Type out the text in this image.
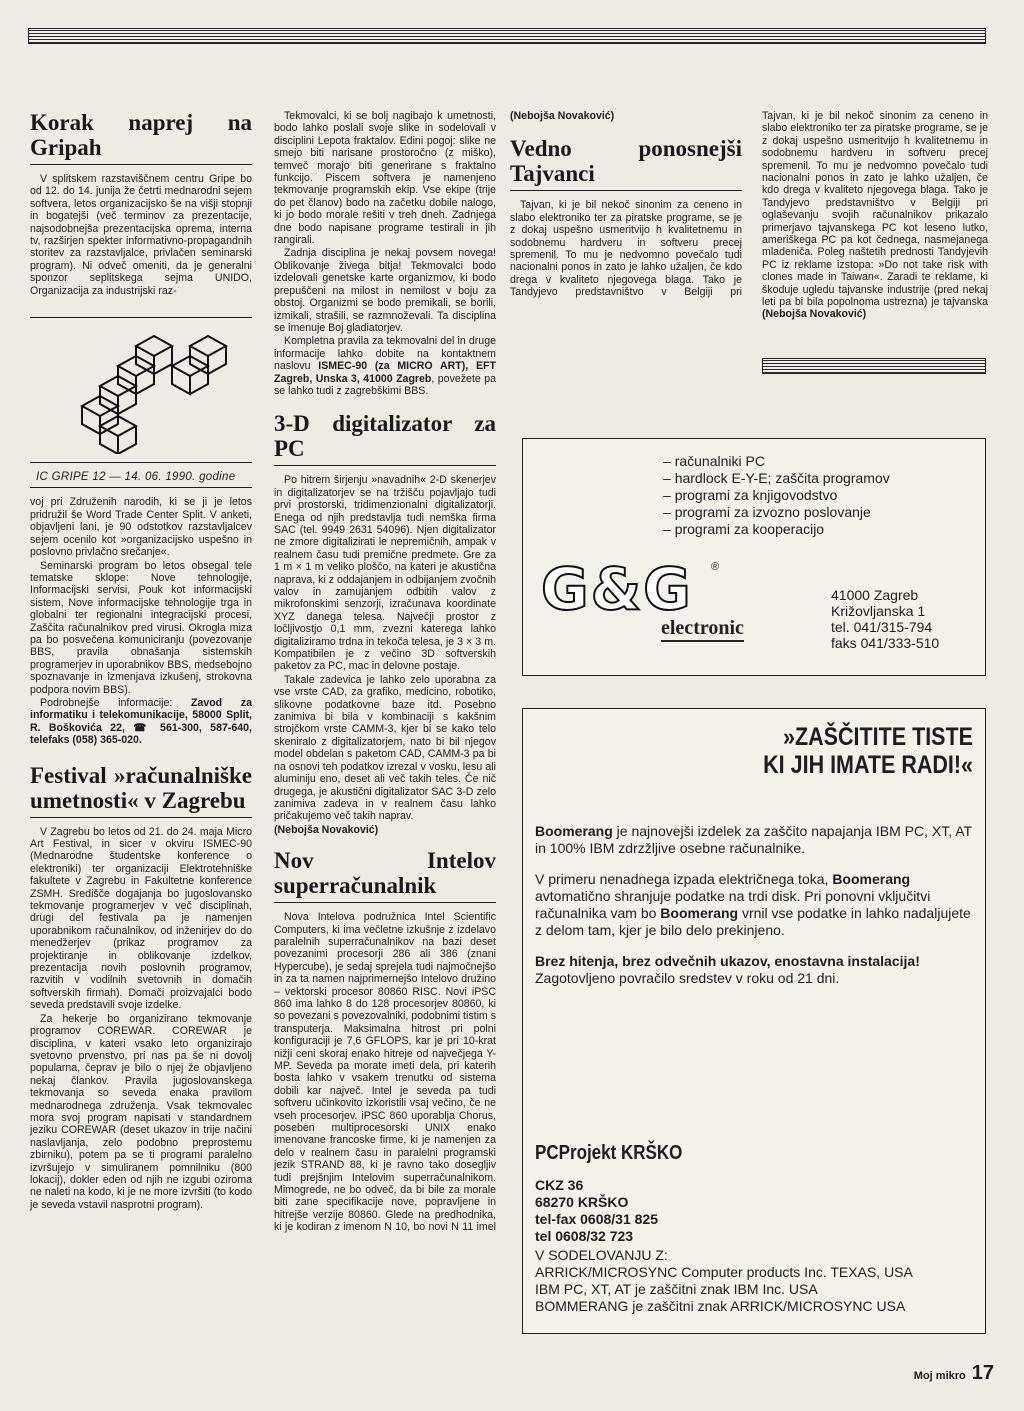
Korak naprej na Gripah

V splitskem razstaviščnem centru Gripe bo od 12. do 14. junija že četrti mednarodni sejem softvera, letos organizacijsko še na višji stopnji in bogatejši (več terminov za prezentacije, najsodobnejša prezentacijska oprema, interna tv, razširjen spekter informativno-propagandnih storitev za razstavljalce, privlačen seminarski program). Ni odveč omeniti, da je generalni sponzor seplitskega sejma UNIDO, Organizacija za industrijski raz-

IC GRIPE 12 — 14. 06. 1990. godine

voj pri Združenih narodih, ki se ji je letos pridružil še Word Trade Center Split. V anketi, objavljeni lani, je 90 odstotkov razstavljalcev sejem ocenilo kot »organizacijsko uspešno in poslovno privlačno srečanje«.

Seminarski program bo letos obsegal tele tematske sklope: Nove tehnologije, Informacijski servisi, Pouk kot informacijski sistem, Nove informacijske tehnologije trga in globalni ter regionalni integracijski procesi, Zaščita računalnikov pred virusi. Okrogla miza pa bo posvečena komuniciranju (povezovanje BBS, pravila obnašanja sistemskih programerjev in uporabnikov BBS, medsebojno spoznavanje in izmenjava izkušenj, strokovna podpora novim BBS).

Podrobnejše informacije: Zavod za informatiku i telekomunikacije, 58000 Split, R. Boškovića 22, ☎ 561-300, 587-640, telefaks (058) 365-020.

Festival »računalniške umetnosti« v Zagrebu

V Zagrebu bo letos od 21. do 24. maja Micro Art Festival, in sicer v okviru ISMEC-90 (Mednarodne študentske konference o elektroniki) ter organizaciji Elektrotehniške fakultete v Zagrebu in Fakultetne konference ZSMH. Središče dogajanja bo jugoslovansko tekmovanje programerjev v več disciplinah, drugi del festivala pa je namenjen uporabnikom računalnikov, od inženirjev do do menedžerjev (prikaz programov za projektiranje in oblikovanje izdelkov, prezentacija novih poslovnih programov, razvitih v vodilnih svetovnih in domačih softverskih firmah). Domači proizvajalci bodo seveda predstavili svoje izdelke.

Za hekerje bo organizirano tekmovanje programov COREWAR. COREWAR je disciplina, v kateri vsako leto organizirajo svetovno prvenstvo, pri nas pa še ni dovolj popularna, čeprav je bilo o njej že objavljeno nekaj člankov. Pravila jugoslovanskega tekmovanja so seveda enaka pravilom mednarodnega združenja. Vsak tekmovalec mora svoj program napisati v standardnem jeziku COREWAR (deset ukazov in trije načini naslavljanja, zelo podobno preprostemu zbirniku), potem pa se ti programi paralelno izvršujejo v simuliranem pomnilniku (800 lokacij), dokler eden od njih ne izgubi oziroma ne naleti na kodo, ki je ne more izvršiti (to kodo je seveda vstavil nasprotni program).

Tekmovalci, ki se bolj nagibajo k umetnosti, bodo lahko poslali svoje slike in sodelovali v disciplini Lepota fraktalov. Edini pogoj: slike ne smejo biti narisane prostoročno (z miško), temveč morajo biti generirane s fraktalno funkcijo. Piscem softvera je namenjeno tekmovanje programskih ekip. Vse ekipe (trije do pet članov) bodo na začetku dobile nalogo, ki jo bodo morale rešiti v treh dneh. Zadnjega dne bodo napisane programe testirali in jih rangirali.

Zadnja disciplina je nekaj povsem novega! Oblikovanje živega bitja! Tekmovalci bodo izdelovali genetske karte organizmov, ki bodo prepuščeni na milost in nemilost v boju za obstoj. Organizmi se bodo premikali, se borili, izmikali, strašili, se razmnoževali. Ta disciplina se imenuje Boj gladiatorjev.

Kompletna pravila za tekmovalni del in druge informacije lahko dobite na kontaktnem naslovu ISMEC-90 (za MICRO ART), EFT Zagreb, Unska 3, 41000 Zagreb, povežete pa se lahko tudi z zagrebškimi BBS.

3-D digitalizator za PC

Po hitrem širjenju »navadnih« 2-D skenerjev in digitalizatorjev se na tržišču pojavljajo tudi prvi prostorski, tridimenzionalni digitalizatorji. Enega od njih predstavlja tudi nemška firma SAC (tel. 9949 2631 54096). Njen digitalizator ne zmore digitalizirati le nepremičnih, ampak v realnem času tudi premične predmete. Gre za 1 m × 1 m veliko ploščo, na kateri je akustična naprava, ki z oddajanjem in odbijanjem zvočnih valov in zamujanjem odbitih valov z mikrofonskimi senzorji, izračunava koordinate XYZ danega telesa. Največji prostor z ločljivostjo 0,1 mm, zvezni katerega lahko digitaliziramo trdna in tekoča telesa, je 3 × 3 m. Kompatibilen je z večino 3D softverskih paketov za PC, mac in delovne postaje.

Takale zadevica je lahko zelo uporabna za vse vrste CAD, za grafiko, medicino, robotiko, slikovne podatkovne baze itd. Posebno zanimiva bi bila v kombinaciji s kakšnim strojčkom vrste CAMM-3, kjer bi se kako telo skeniralo z digitalizatorjem, nato bi bil njegov model obdelan s paketom CAD, CAMM-3 pa bi na osnovi teh podatkov izrezal v vosku, lesu ali aluminiju eno, deset ali več takih teles. Če nič drugega, je akustični digitalizator SAC 3-D zelo zanimiva zadeva in v realnem času lahko pričakujemo več takih naprav.

(Nebojša Novaković)

Nov Intelov superračunalnik

Nova Intelova podružnica Intel Scientific Computers, ki ima večletne izkušnje z izdelavo paralelnih superračunalnikov na bazi deset povezanimi procesorji 286 ali 386 (znani Hypercube), je sedaj spreјela tudi najmočnejšo in za ta namen najprimernejšo Intelovo družino – vektorski procesor 80860 RISC. Novi iPSC 860 ima lahko 8 do 128 procesorjev 80860, ki so povezani s povezovalniki, podobnimi tistim s transputerja. Maksimalna hitrost pri polni konfiguraciji je 7,6 GFLOPS, kar je pri 10-krat nižji ceni skoraj enako hitreje od največjega Y-MP. Seveda pa morate imeti dela, pri katerih bosta lahko v vsakem trenutku od sistema dobili kar največ. Intel je seveda pa tudi softveru učinkovito izkoristili vsaj večino, če ne vseh procesorjev. iPSC 860 uporablja Chorus, poseben multiprocesorski UNIX enako imenovane francoske firme, ki je namenjen za delo v realnem času in paralelni programski jezik STRAND 88, ki je ravno tako dosegljiv tudi prejšnjim Intelovim superračunalnikom. Mimogrede, ne bo odveč, da bi bile za morale biti zane specifikacije nove, popravljene in hitrejše verzije 80860. Glede na predhodnika, ki je kodiran z imenom N 10, bo novi N 11 imel

(Nebojša Novaković)

Vedno ponosnejši Tajvanci

Tajvan, ki je bil nekoč sinonim za ceneno in slabo elektroniko ter za piratske programe, se je z dokaj uspešno usmeritvijo h kvalitetnemu in sodobnemu hardveru in softveru precej spremenil. To mu je nedvomno povečalo tudi nacionalni ponos in zato je lahko užaljen, če kdo drega v kvaliteto njegovega blaga. Tako je Tandyjevo predstavništvo v Belgiji pri

Tajvan, ki je bil nekoč sinonim za ceneno in slabo elektroniko ter za piratske programe, se je z dokaj uspešno usmeritvijo h kvalitetnemu in sodobnemu hardveru in softveru precej spremenil. To mu je nedvomno povečalo tudi nacionalni ponos in zato je lahko užaljen, če kdo drega v kvaliteto njegovega blaga. Tako je Tandyjevo predstavništvo v Belgiji pri oglaševanju svojih računalnikov prikazalo primerjavo tajvanskega PC kot leseno lutko, ameriškega PC pa kot čednega, nasmejanega mladeniča. Poleg naštetih prednosti Tandyjevih PC iz reklame izstopa: »Do not take risk with clones made in Taiwan«. Zaradi te reklame, ki škoduje ugledu tajvanske industrije (pred nekaj leti pa bi bila popolnoma ustrezna) je tajvanska
(Nebojša Novaković)

– računalniki PC
– hardlock E-Y-E; zaščita programov
– programi za knjigovodstvo
– programi za izvozno poslovanje
– programi za kooperacijo
G&G
electronic
®
41000 Zagreb
Križovljanska 1
tel. 041/315-794
faks 041/333-510
»ZAŠČITITE TISTE
KI JIH IMATE RADI!«

Boomerang je najnovejši izdelek za zaščito napajanja IBM PC, XT, AT in 100% IBM zdrzžljive osebne računalnike.

V primeru nenadnega izpada električnega toka, Boomerang avtomatično shranjuje podatke na trdi disk. Pri ponovni vključitvi računalnika vam bo Boomerang vrnil vse podatke in lahko nadaljujete z delom tam, kjer je bilo delo prekinjeno.

Brez hitenja, brez odvečnih ukazov, enostavna instalacija!
Zagotovljeno povračilo sredstev v roku od 21 dni.

PCProjekt KRŠKO
CKZ 36
68270 KRŠKO
tel-fax 0608/31 825
tel 0608/32 723
V SODELOVANJU Z:
ARRICK/MICROSYNC Computer products Inc. TEXAS, USA
IBM PC, XT, AT je zaščitni znak IBM Inc. USA
BOMMERANG je zaščitni znak ARRICK/MICROSYNC USA
Moj mikro 17
